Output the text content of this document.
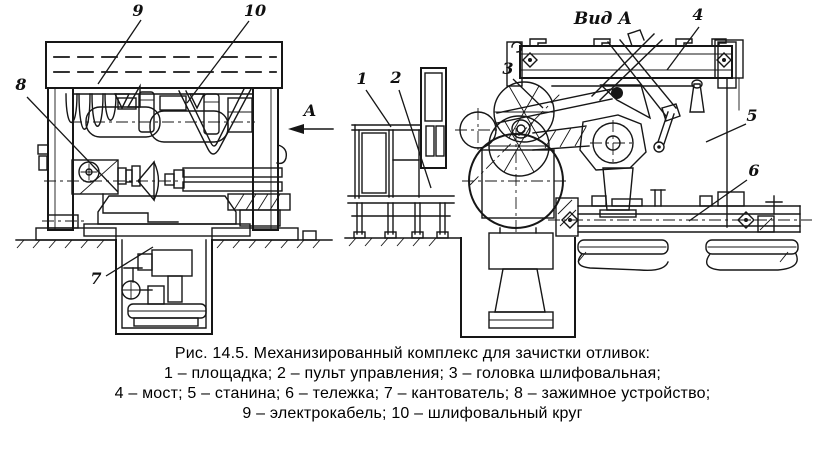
9	10
8
7
А
Вид А
1 2	3
4
5
6
Рис. 14.5. Механизированный комплекс для зачистки отливок:
1 – площадка; 2 – пульт управления; 3 – головка шлифовальная;
4 – мост; 5 – станина; 6 – тележка; 7 – кантователь; 8 – зажимное устройство;
9 – электрокабель; 10 – шлифовальный круг
